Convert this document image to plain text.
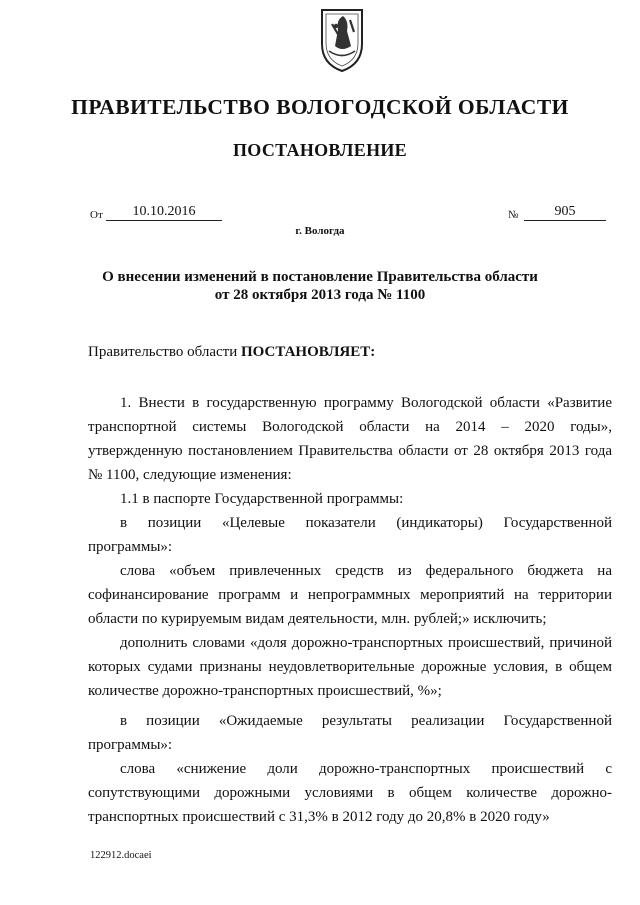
ПРАВИТЕЛЬСТВО ВОЛОГОДСКОЙ ОБЛАСТИ
ПОСТАНОВЛЕНИЕ
От	10.10.2016	№	905
г. Вологда
О внесении изменений в постановление Правительства области
от 28 октября 2013 года № 1100
Правительство области ПОСТАНОВЛЯЕТ:
1. Внести в государственную программу Вологодской области «Развитие транспортной системы Вологодской области на 2014 – 2020 годы», утвержденную постановлением Правительства области от 28 октября 2013 года № 1100, следующие изменения:
1.1 в паспорте Государственной программы:
в позиции «Целевые показатели (индикаторы) Государственной программы»:
слова «объем привлеченных средств из федерального бюджета на софинансирование программ и непрограммных мероприятий на территории области по курируемым видам деятельности, млн. рублей;» исключить;
дополнить словами «доля дорожно-транспортных происшествий, причиной которых судами признаны неудовлетворительные дорожные условия, в общем количестве дорожно-транспортных происшествий, %»;
в позиции «Ожидаемые результаты реализации Государственной программы»:
слова «снижение доли дорожно-транспортных происшествий с сопутствующими дорожными условиями в общем количестве дорожно-транспортных происшествий с 31,3% в 2012 году до 20,8% в 2020 году»
122912.docaei
